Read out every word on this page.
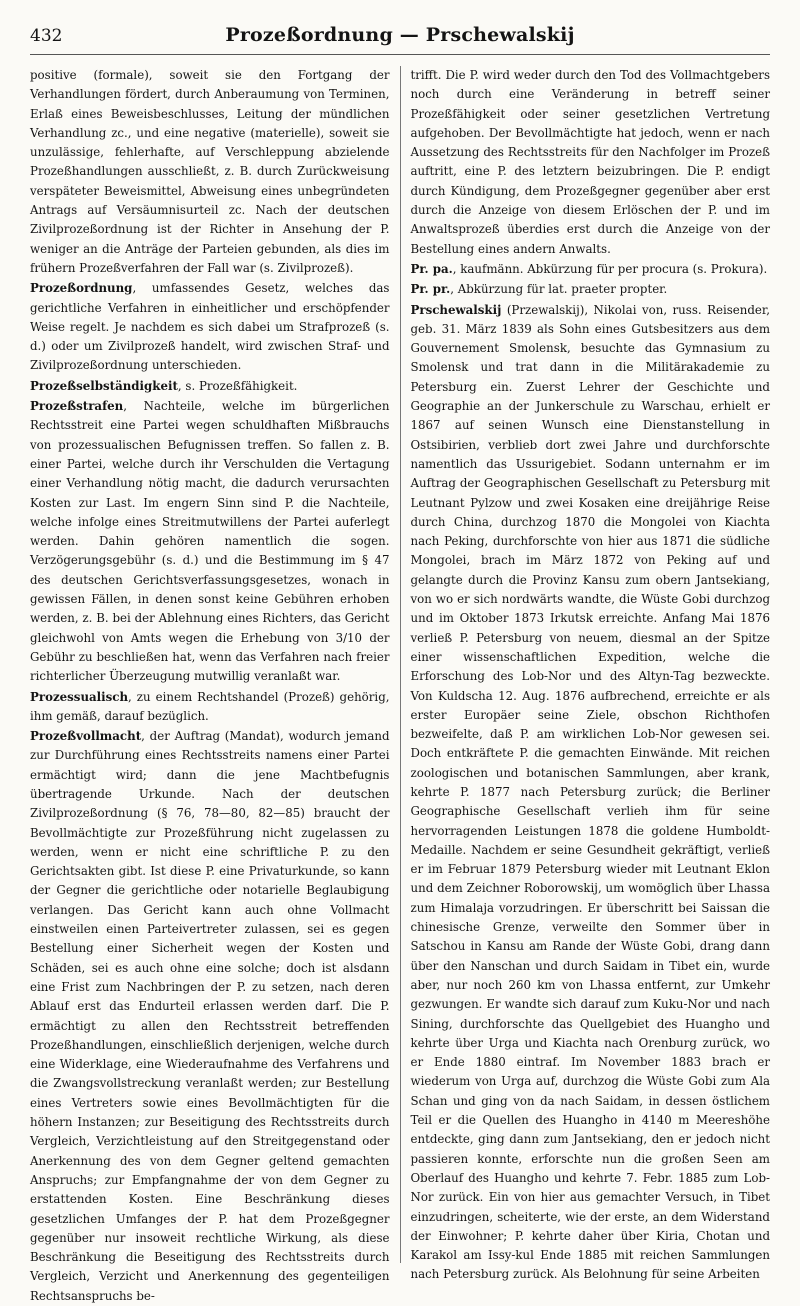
432	Prozeßordnung — Prschewalskij

positive (formale), soweit sie den Fortgang der Verhandlungen fördert, durch Anberaumung von Terminen, Erlaß eines Beweisbeschlusses, Leitung der mündlichen Verhandlung zc., und eine negative (materielle), soweit sie unzulässige, fehlerhafte, auf Verschleppung abzielende Prozeßhandlungen ausschließt, z. B. durch Zurückweisung verspäteter Beweismittel, Abweisung eines unbegründeten Antrags auf Versäumnisurteil zc. Nach der deutschen Zivilprozeßordnung ist der Richter in Ansehung der P. weniger an die Anträge der Parteien gebunden, als dies im frühern Prozeßverfahren der Fall war (s. Zivilprozeß).

Prozeßordnung, umfassendes Gesetz, welches das gerichtliche Verfahren in einheitlicher und erschöpfender Weise regelt. Je nachdem es sich dabei um Strafprozeß (s. d.) oder um Zivilprozeß handelt, wird zwischen Straf- und Zivilprozeßordnung unterschieden.

Prozeßselbständigkeit, s. Prozeßfähigkeit.

Prozeßstrafen, Nachteile, welche im bürgerlichen Rechtsstreit eine Partei wegen schuldhaften Mißbrauchs von prozessualischen Befugnissen treffen. So fallen z. B. einer Partei, welche durch ihr Verschulden die Vertagung einer Verhandlung nötig macht, die dadurch verursachten Kosten zur Last. Im engern Sinn sind P. die Nachteile, welche infolge eines Streitmutwillens der Partei auferlegt werden. Dahin gehören namentlich die sogen. Verzögerungsgebühr (s. d.) und die Bestimmung im § 47 des deutschen Gerichtsverfassungsgesetzes, wonach in gewissen Fällen, in denen sonst keine Gebühren erhoben werden, z. B. bei der Ablehnung eines Richters, das Gericht gleichwohl von Amts wegen die Erhebung von 3/10 der Gebühr zu beschließen hat, wenn das Verfahren nach freier richterlicher Überzeugung mutwillig veranlaßt war.

Prozessualisch, zu einem Rechtshandel (Prozeß) gehörig, ihm gemäß, darauf bezüglich.

Prozeßvollmacht, der Auftrag (Mandat), wodurch jemand zur Durchführung eines Rechtsstreits namens einer Partei ermächtigt wird; dann die jene Machtbefugnis übertragende Urkunde. Nach der deutschen Zivilprozeßordnung (§ 76, 78—80, 82—85) braucht der Bevollmächtigte zur Prozeßführung nicht zugelassen zu werden, wenn er nicht eine schriftliche P. zu den Gerichtsakten gibt. Ist diese P. eine Privaturkunde, so kann der Gegner die gerichtliche oder notarielle Beglaubigung verlangen. Das Gericht kann auch ohne Vollmacht einstweilen einen Parteivertreter zulassen, sei es gegen Bestellung einer Sicherheit wegen der Kosten und Schäden, sei es auch ohne eine solche; doch ist alsdann eine Frist zum Nachbringen der P. zu setzen, nach deren Ablauf erst das Endurteil erlassen werden darf. Die P. ermächtigt zu allen den Rechtsstreit betreffenden Prozeßhandlungen, einschließlich derjenigen, welche durch eine Widerklage, eine Wiederaufnahme des Verfahrens und die Zwangsvollstreckung veranlaßt werden; zur Bestellung eines Vertreters sowie eines Bevollmächtigten für die höhern Instanzen; zur Beseitigung des Rechtsstreits durch Vergleich, Verzichtleistung auf den Streitgegenstand oder Anerkennung des von dem Gegner geltend gemachten Anspruchs; zur Empfangnahme der von dem Gegner zu erstattenden Kosten. Eine Beschränkung dieses gesetzlichen Umfanges der P. hat dem Prozeßgegner gegenüber nur insoweit rechtliche Wirkung, als diese Beschränkung die Beseitigung des Rechtsstreits durch Vergleich, Verzicht und Anerkennung des gegenteiligen Rechtsanspruchs be-

trifft. Die P. wird weder durch den Tod des Vollmachtgebers noch durch eine Veränderung in betreff seiner Prozeßfähigkeit oder seiner gesetzlichen Vertretung aufgehoben. Der Bevollmächtigte hat jedoch, wenn er nach Aussetzung des Rechtsstreits für den Nachfolger im Prozeß auftritt, eine P. des letztern beizubringen. Die P. endigt durch Kündigung, dem Prozeßgegner gegenüber aber erst durch die Anzeige von diesem Erlöschen der P. und im Anwaltsprozeß überdies erst durch die Anzeige von der Bestellung eines andern Anwalts.

Pr. pa., kaufmänn. Abkürzung für per procura (s. Prokura).

Pr. pr., Abkürzung für lat. praeter propter.

Prschewalskij (Przewalskij), Nikolai von, russ. Reisender, geb. 31. März 1839 als Sohn eines Gutsbesitzers aus dem Gouvernement Smolensk, besuchte das Gymnasium zu Smolensk und trat dann in die Militärakademie zu Petersburg ein. Zuerst Lehrer der Geschichte und Geographie an der Junkerschule zu Warschau, erhielt er 1867 auf seinen Wunsch eine Dienstanstellung in Ostsibirien, verblieb dort zwei Jahre und durchforschte namentlich das Ussurigebiet. Sodann unternahm er im Auftrag der Geographischen Gesellschaft zu Petersburg mit Leutnant Pylzow und zwei Kosaken eine dreijährige Reise durch China, durchzog 1870 die Mongolei von Kiachta nach Peking, durchforschte von hier aus 1871 die südliche Mongolei, brach im März 1872 von Peking auf und gelangte durch die Provinz Kansu zum obern Jantsekiang, von wo er sich nordwärts wandte, die Wüste Gobi durchzog und im Oktober 1873 Irkutsk erreichte. Anfang Mai 1876 verließ P. Petersburg von neuem, diesmal an der Spitze einer wissenschaftlichen Expedition, welche die Erforschung des Lob-Nor und des Altyn-Tag bezweckte. Von Kuldscha 12. Aug. 1876 aufbrechend, erreichte er als erster Europäer seine Ziele, obschon Richthofen bezweifelte, daß P. am wirklichen Lob-Nor gewesen sei. Doch entkräftete P. die gemachten Einwände. Mit reichen zoologischen und botanischen Sammlungen, aber krank, kehrte P. 1877 nach Petersburg zurück; die Berliner Geographische Gesellschaft verlieh ihm für seine hervorragenden Leistungen 1878 die goldene Humboldt-Medaille. Nachdem er seine Gesundheit gekräftigt, verließ er im Februar 1879 Petersburg wieder mit Leutnant Eklon und dem Zeichner Roborowskij, um womöglich über Lhassa zum Himalaja vorzudringen. Er überschritt bei Saissan die chinesische Grenze, verweilte den Sommer über in Satschou in Kansu am Rande der Wüste Gobi, drang dann über den Nanschan und durch Saidam in Tibet ein, wurde aber, nur noch 260 km von Lhassa entfernt, zur Umkehr gezwungen. Er wandte sich darauf zum Kuku-Nor und nach Sining, durchforschte das Quellgebiet des Huangho und kehrte über Urga und Kiachta nach Orenburg zurück, wo er Ende 1880 eintraf. Im November 1883 brach er wiederum von Urga auf, durchzog die Wüste Gobi zum Ala Schan und ging von da nach Saidam, in dessen östlichem Teil er die Quellen des Huangho in 4140 m Meereshöhe entdeckte, ging dann zum Jantsekiang, den er jedoch nicht passieren konnte, erforschte nun die großen Seen am Oberlauf des Huangho und kehrte 7. Febr. 1885 zum Lob-Nor zurück. Ein von hier aus gemachter Versuch, in Tibet einzudringen, scheiterte, wie der erste, an dem Widerstand der Einwohner; P. kehrte daher über Kiria, Chotan und Karakol am Issy-kul Ende 1885 mit reichen Sammlungen nach Petersburg zurück. Als Belohnung für seine Arbeiten
